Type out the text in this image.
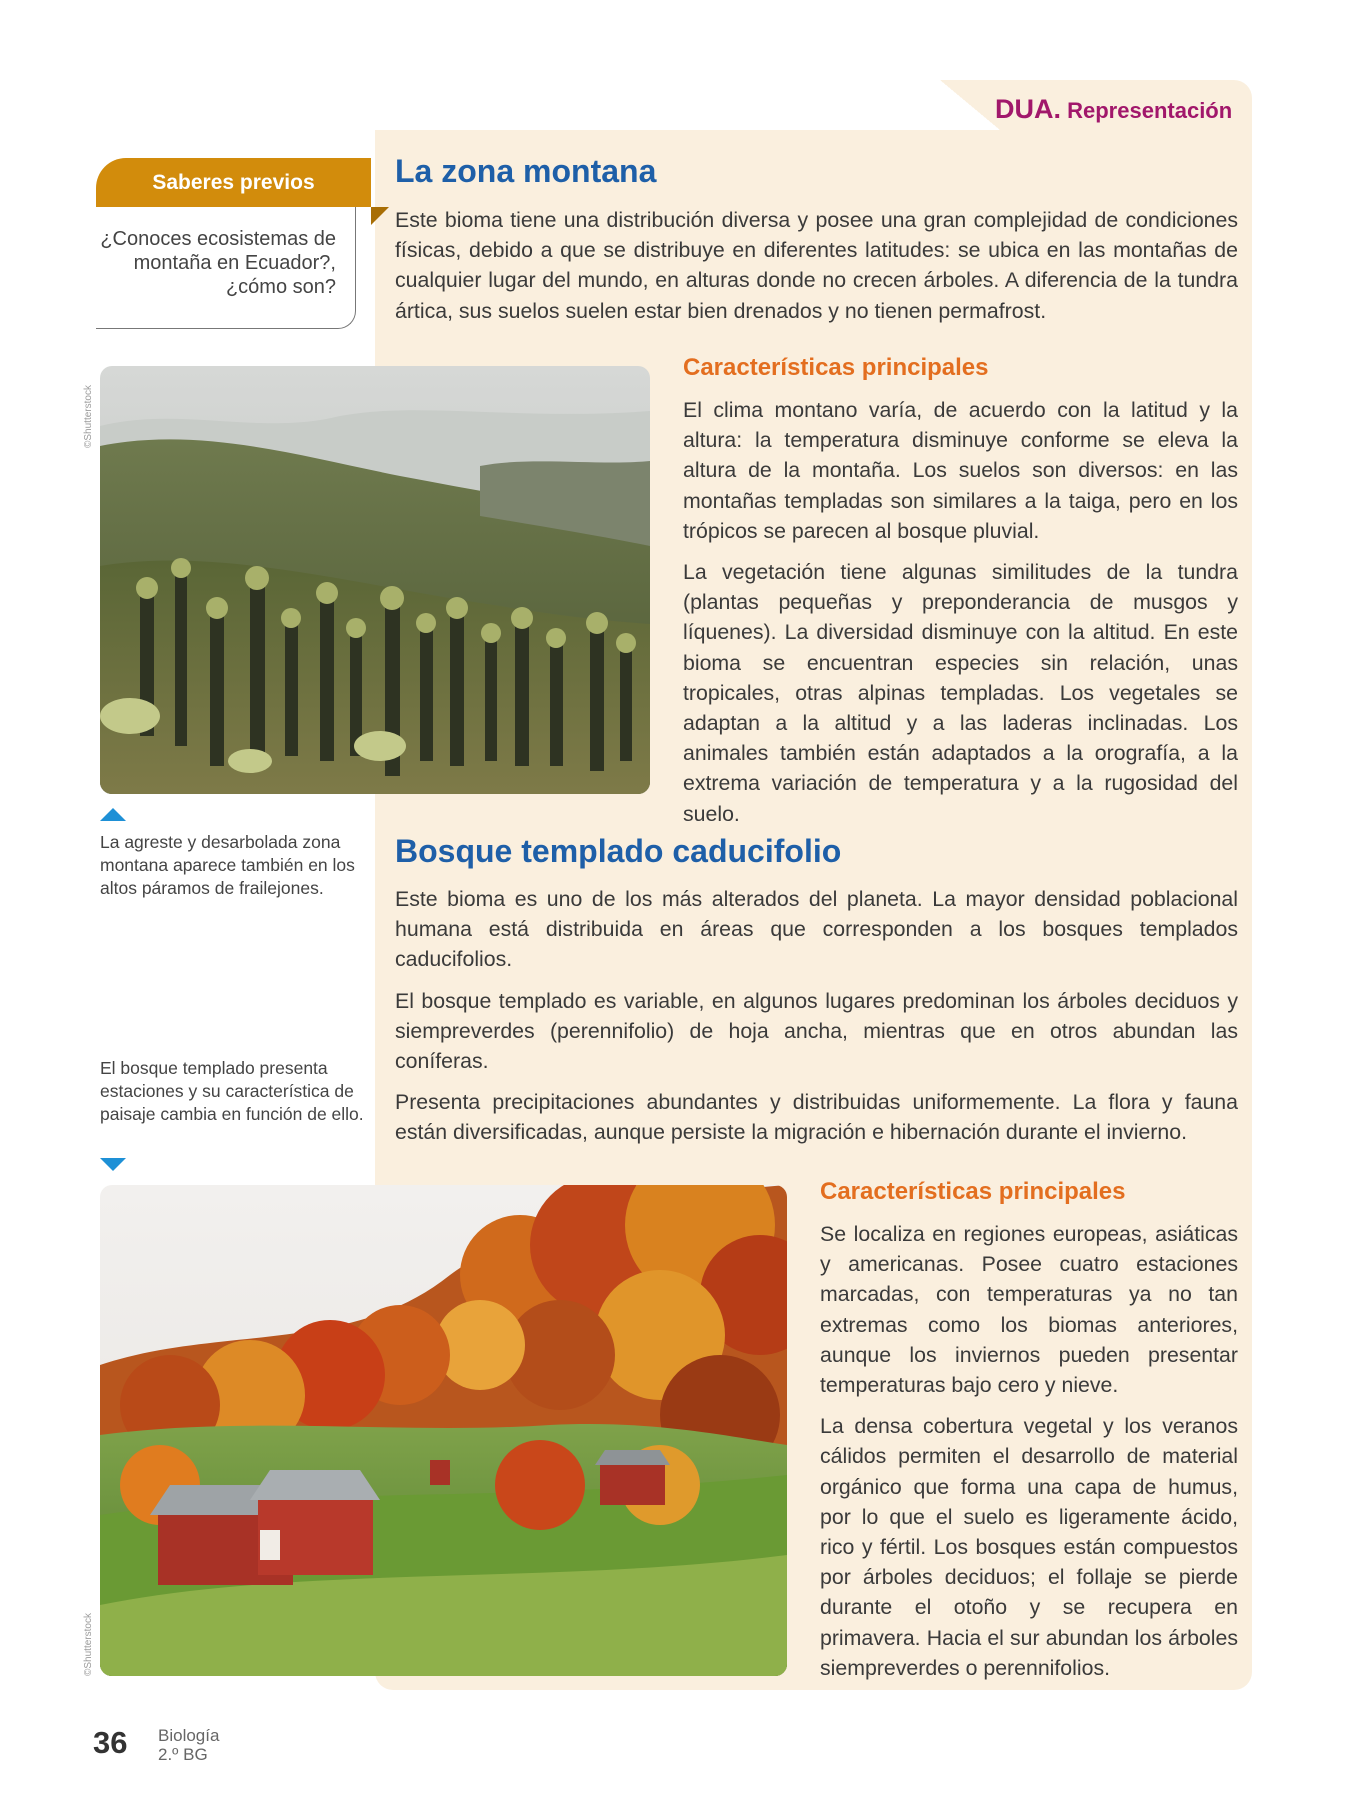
DUA. Representación
Saberes previos
¿Conoces ecosistemas de montaña en Ecuador?, ¿cómo son?
La zona montana

Este bioma tiene una distribución diversa y posee una gran complejidad de condiciones físicas, debido a que se distribuye en diferentes latitudes: se ubica en las montañas de cualquier lugar del mundo, en alturas donde no crecen árboles. A diferencia de la tundra ártica, sus suelos suelen estar bien drenados y no tienen permafrost.

Características principales

El clima montano varía, de acuerdo con la latitud y la altura: la temperatura disminuye conforme se eleva la altura de la montaña. Los suelos son diversos: en las montañas templadas son similares a la taiga, pero en los trópicos se parecen al bosque pluvial.

La vegetación tiene algunas similitudes de la tundra (plantas pequeñas y preponderancia de musgos y líquenes). La diversidad disminuye con la altitud. En este bioma se encuentran especies sin relación, unas tropicales, otras alpinas templadas. Los vegetales se adaptan a la altitud y a las laderas inclinadas. Los animales también están adaptados a la orografía, a la extrema variación de temperatura y a la rugosidad del suelo.

©Shutterstock
La agreste y desarbolada zona montana aparece también en los altos páramos de frailejones.
Bosque templado caducifolio

Este bioma es uno de los más alterados del planeta. La mayor densidad poblacional humana está distribuida en áreas que corresponden a los bosques templados caducifolios.

El bosque templado es variable, en algunos lugares predominan los árboles deciduos y siempreverdes (perennifolio) de hoja ancha, mientras que en otros abundan las coníferas.

Presenta precipitaciones abundantes y distribuidas uniformemente. La flora y fauna están diversificadas, aunque persiste la migración e hibernación durante el invierno.

El bosque templado presenta estaciones y su característica de paisaje cambia en función de ello.
Características principales

Se localiza en regiones europeas, asiáticas y americanas. Posee cuatro estaciones marcadas, con temperaturas ya no tan extremas como los biomas anteriores, aunque los inviernos pueden presentar temperaturas bajo cero y nieve.

La densa cobertura vegetal y los veranos cálidos permiten el desarrollo de material orgánico que forma una capa de humus, por lo que el suelo es ligeramente ácido, rico y fértil. Los bosques están compuestos por árboles deciduos; el follaje se pierde durante el otoño y se recupera en primavera. Hacia el sur abundan los árboles siempreverdes o perennifolios.

©Shutterstock
36 Biología
2.º BG
